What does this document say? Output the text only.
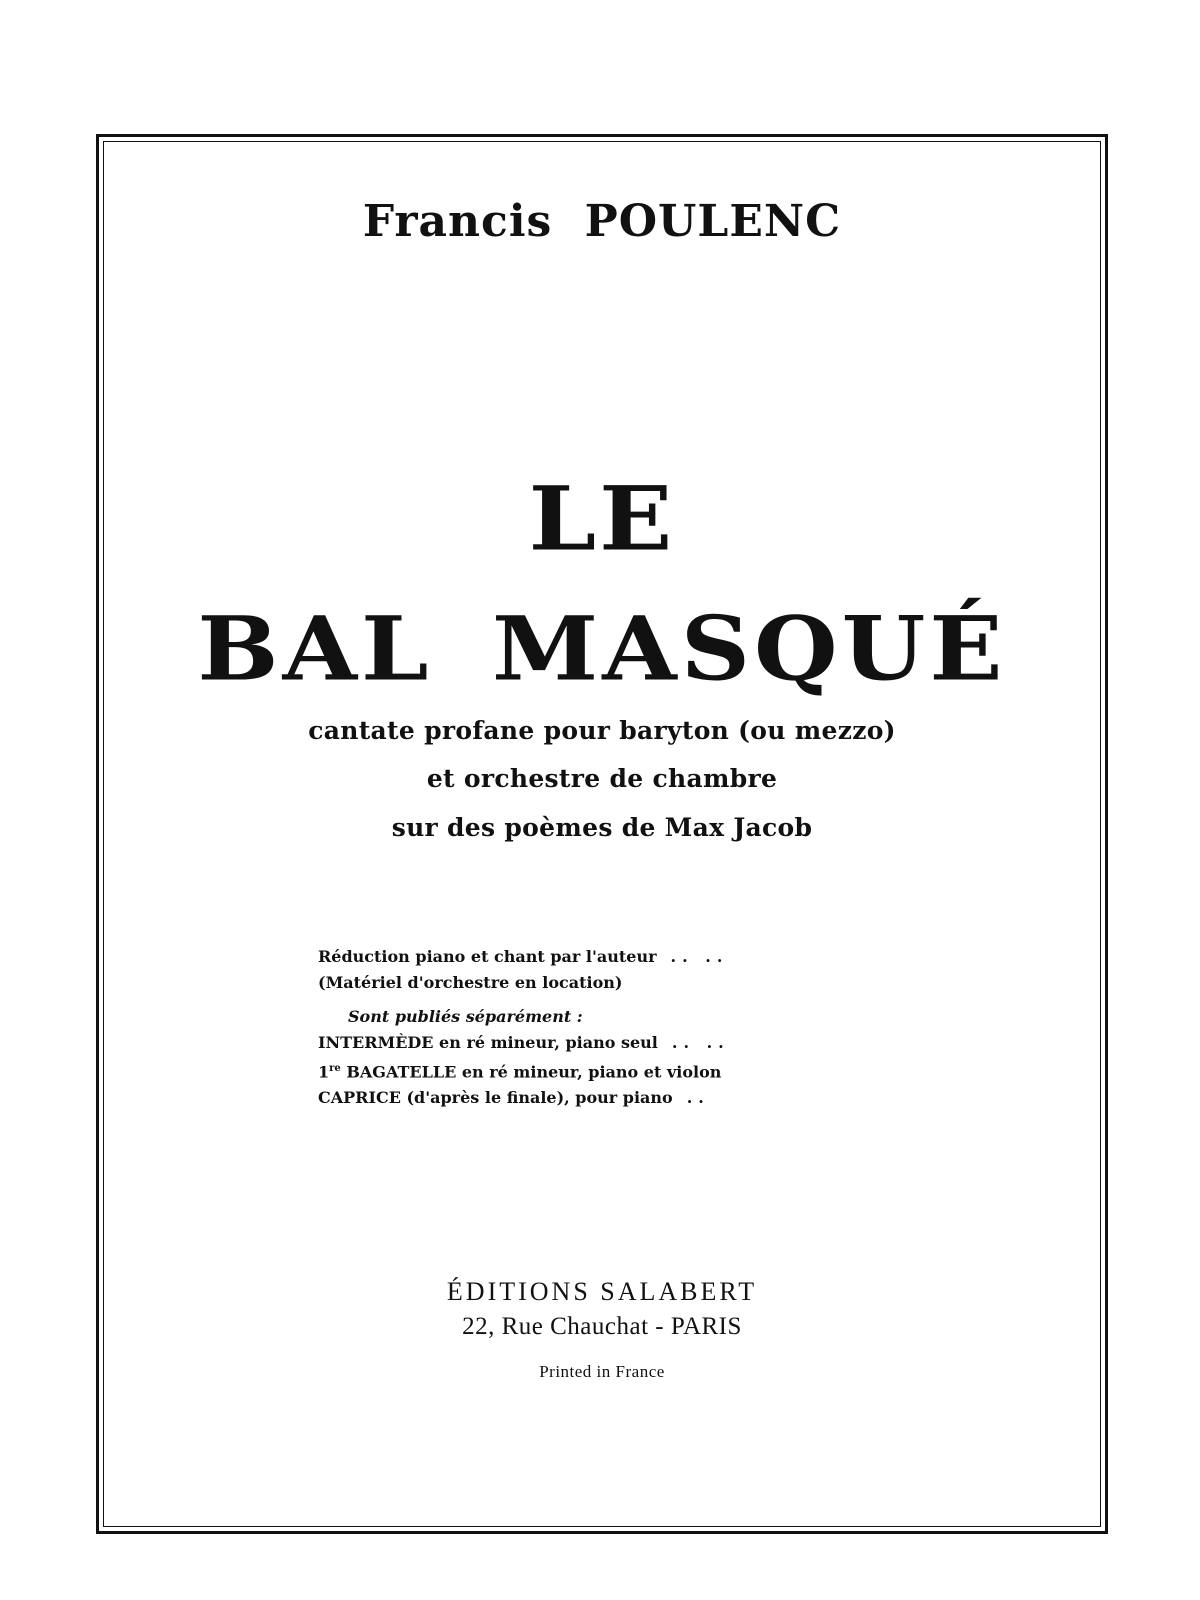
Francis POULENC
LE
BAL MASQUÉ
cantate profane pour baryton (ou mezzo)
et orchestre de chambre
sur des poèmes de Max Jacob
Réduction piano et chant par l'auteur .. ..
(Matériel d'orchestre en location)
Sont publiés séparément :
INTERMÈDE en ré mineur, piano seul .. ..
1re BAGATELLE en ré mineur, piano et violon
CAPRICE (d'après le finale), pour piano ..
ÉDITIONS SALABERT
22, Rue Chauchat - PARIS
Printed in France
